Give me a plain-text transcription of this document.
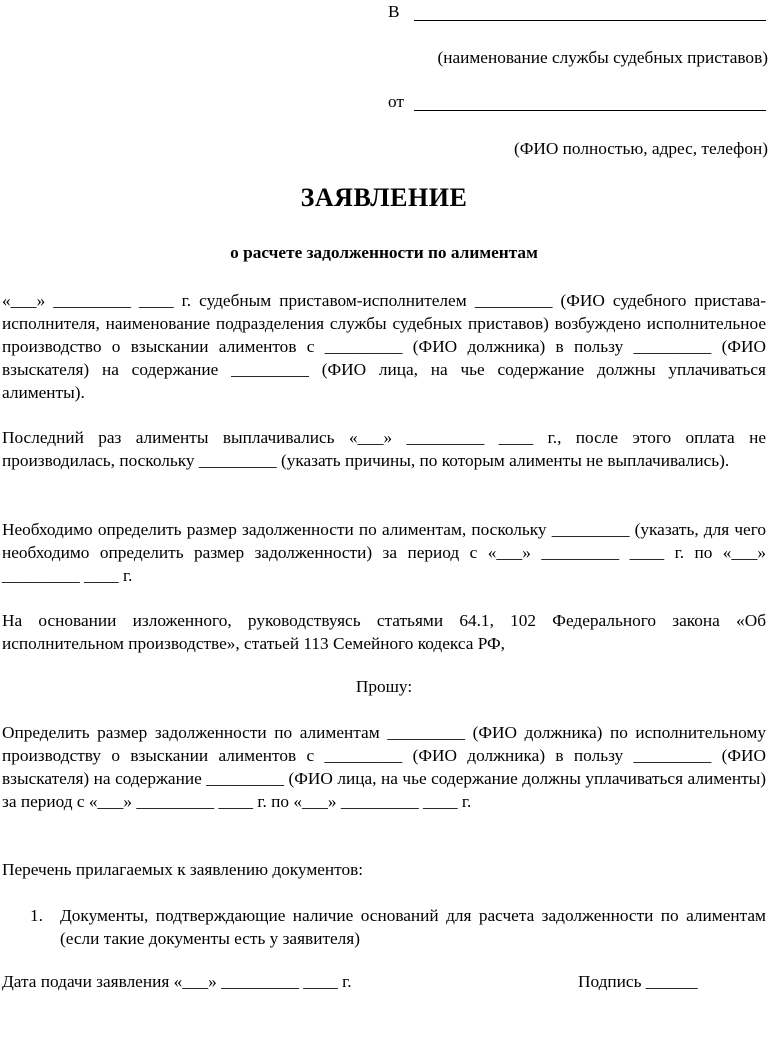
В
(наименование службы судебных приставов)
от
(ФИО полностью, адрес, телефон)
ЗАЯВЛЕНИЕ
о расчете задолженности по алиментам

«___» _________ ____ г. судебным приставом-исполнителем _________ (ФИО судебного пристава-исполнителя, наименование подразделения службы судебных приставов) возбуждено исполнительное производство о взыскании алиментов с _________ (ФИО должника) в пользу _________ (ФИО взыскателя) на содержание _________ (ФИО лица, на чье содержание должны уплачиваться алименты).

Последний раз алименты выплачивались «___» _________ ____ г., после этого оплата не производилась, поскольку _________ (указать причины, по которым алименты не выплачивались).

Необходимо определить размер задолженности по алиментам, поскольку _________ (указать, для чего необходимо определить размер задолженности) за период с «___» _________ ____ г. по «___» _________ ____ г.

На основании изложенного, руководствуясь статьями 64.1, 102 Федерального закона «Об исполнительном производстве», статьей 113 Семейного кодекса РФ,

Прошу:

Определить размер задолженности по алиментам _________ (ФИО должника) по исполнительному производству о взыскании алиментов с _________ (ФИО должника) в пользу _________ (ФИО взыскателя) на содержание _________ (ФИО лица, на чье содержание должны уплачиваться алименты) за период с «___» _________ ____ г. по «___» _________ ____ г.

Перечень прилагаемых к заявлению документов:

1. Документы, подтверждающие наличие оснований для расчета задолженности по алиментам (если такие документы есть у заявителя)
Дата подачи заявления «___» _________ ____ г.	Подпись ______
